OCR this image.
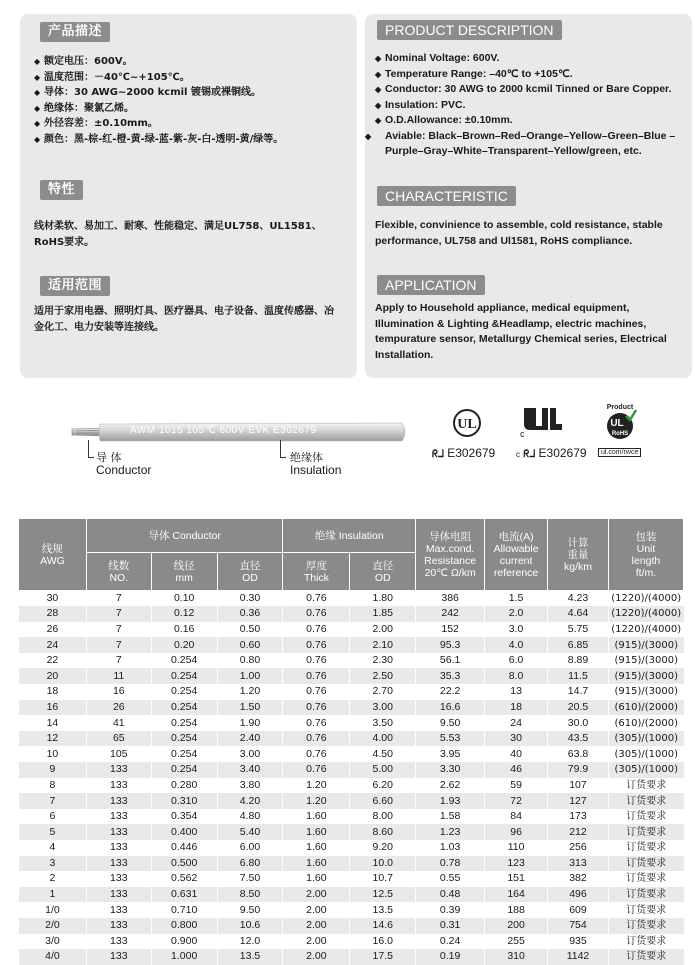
产品描述
◆ 额定电压：600V。
◆ 温度范围：－40℃~+105℃。
◆ 导体：30 AWG~2000 kcmil 镀锡或裸铜线。
◆ 绝缘体：聚氯乙烯。
◆ 外径容差：±0.10mm。
◆ 颜色：黑-棕-红-橙-黄-绿-蓝-紫-灰-白-透明-黄/绿等。
特性
线材柔软、易加工、耐寒、性能稳定、满足UL758、UL1581、RoHS要求。
适用范围
适用于家用电器、照明灯具、医疗器具、电子设备、温度传感器、冶金化工、电力安装等连接线。
PRODUCT DESCRIPTION
◆ Nominal Voltage: 600V.
◆ Temperature Range: –40℃ to +105℃.
◆ Conductor: 30 AWG to 2000 kcmil Tinned or Bare Copper.
◆ Insulation: PVC.
◆ O.D.Allowance: ±0.10mm.
◆ Aviable: Black–Brown–Red–Orange–Yellow–Green–Blue –Purple–Gray–White–Transparent–Yellow/green, etc.
CHARACTERISTIC
Flexible, convinience to assemble, cold resistance, stable performance, UL758 and Ul1581, RoHS compliance.
APPLICATION
Apply to Household appliance, medical equipment, Illumination & Lighting &Headlamp, electric machines, tempurature sensor, Metallurgy Chemical series, Electrical Installation.
AWM 1015 105℃ 600V EVK E302679
导 体
Conductor
绝缘体
Insulation
UL
c
Product
UL
RoHS
ᖇᒧ E302679	c ᖇᒧ E302679	ul.com/rwce
线规
AWG	导体 Conductor			绝缘 Insulation		导体电阻
Max.cond.
Resistance
20℃ Ω/km	电流(A)
Allowable
current
reference	计算
重量
kg/km	包装
Unit
length
ft/m.
	线数
NO.	线径
mm	直径
OD	厚度
Thick	直径
OD				
30	7	0.10	0.30	0.76	1.80	386	1.5	4.23	(1220)/(4000)
28	7	0.12	0.36	0.76	1.85	242	2.0	4.64	(1220)/(4000)
26	7	0.16	0.50	0.76	2.00	152	3.0	5.75	(1220)/(4000)
24	7	0.20	0.60	0.76	2.10	95.3	4.0	6.85	(915)/(3000)
22	7	0.254	0.80	0.76	2.30	56.1	6.0	8.89	(915)/(3000)
20	11	0.254	1.00	0.76	2.50	35.3	8.0	11.5	(915)/(3000)
18	16	0.254	1.20	0.76	2.70	22.2	13	14.7	(915)/(3000)
16	26	0.254	1.50	0.76	3.00	16.6	18	20.5	(610)/(2000)
14	41	0.254	1.90	0.76	3.50	9.50	24	30.0	(610)/(2000)
12	65	0.254	2.40	0.76	4.00	5.53	30	43.5	(305)/(1000)
10	105	0.254	3.00	0.76	4.50	3.95	40	63.8	(305)/(1000)
9	133	0.254	3.40	0.76	5.00	3.30	46	79.9	(305)/(1000)
8	133	0.280	3.80	1.20	6.20	2.62	59	107	订货要求
7	133	0.310	4.20	1.20	6.60	1.93	72	127	订货要求
6	133	0.354	4.80	1.60	8.00	1.58	84	173	订货要求
5	133	0.400	5.40	1.60	8.60	1.23	96	212	订货要求
4	133	0.446	6.00	1.60	9.20	1.03	110	256	订货要求
3	133	0.500	6.80	1.60	10.0	0.78	123	313	订货要求
2	133	0.562	7.50	1.60	10.7	0.55	151	382	订货要求
1	133	0.631	8.50	2.00	12.5	0.48	164	496	订货要求
1/0	133	0.710	9.50	2.00	13.5	0.39	188	609	订货要求
2/0	133	0.800	10.6	2.00	14.6	0.31	200	754	订货要求
3/0	133	0.900	12.0	2.00	16.0	0.24	255	935	订货要求
4/0	133	1.000	13.5	2.00	17.5	0.19	310	1142	订货要求
